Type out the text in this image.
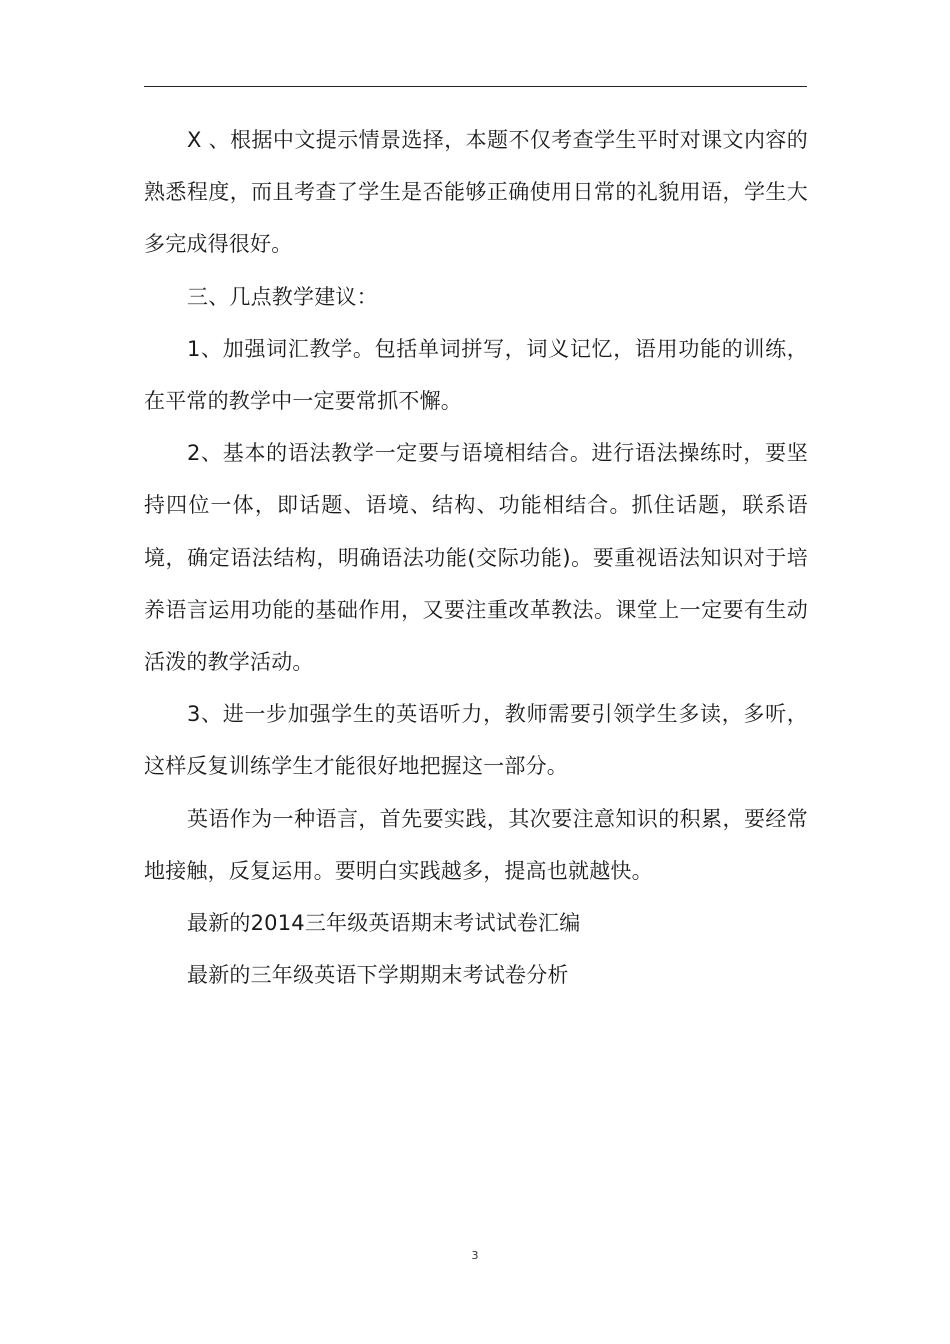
X 、根据中文提示情景选择，本题不仅考查学生平时对课文内容的熟悉程度，而且考查了学生是否能够正确使用日常的礼貌用语，学生大多完成得很好。

三、几点教学建议：

1、加强词汇教学。包括单词拼写，词义记忆，语用功能的训练，在平常的教学中一定要常抓不懈。

2、基本的语法教学一定要与语境相结合。进行语法操练时，要坚持四位一体，即话题、语境、结构、功能相结合。抓住话题，联系语境，确定语法结构，明确语法功能(交际功能)。要重视语法知识对于培养语言运用功能的基础作用，又要注重改革教法。课堂上一定要有生动活泼的教学活动。

3、进一步加强学生的英语听力，教师需要引领学生多读，多听，这样反复训练学生才能很好地把握这一部分。

英语作为一种语言，首先要实践，其次要注意知识的积累，要经常地接触，反复运用。要明白实践越多，提高也就越快。

最新的2014三年级英语期末考试试卷汇编

最新的三年级英语下学期期末考试卷分析

3
